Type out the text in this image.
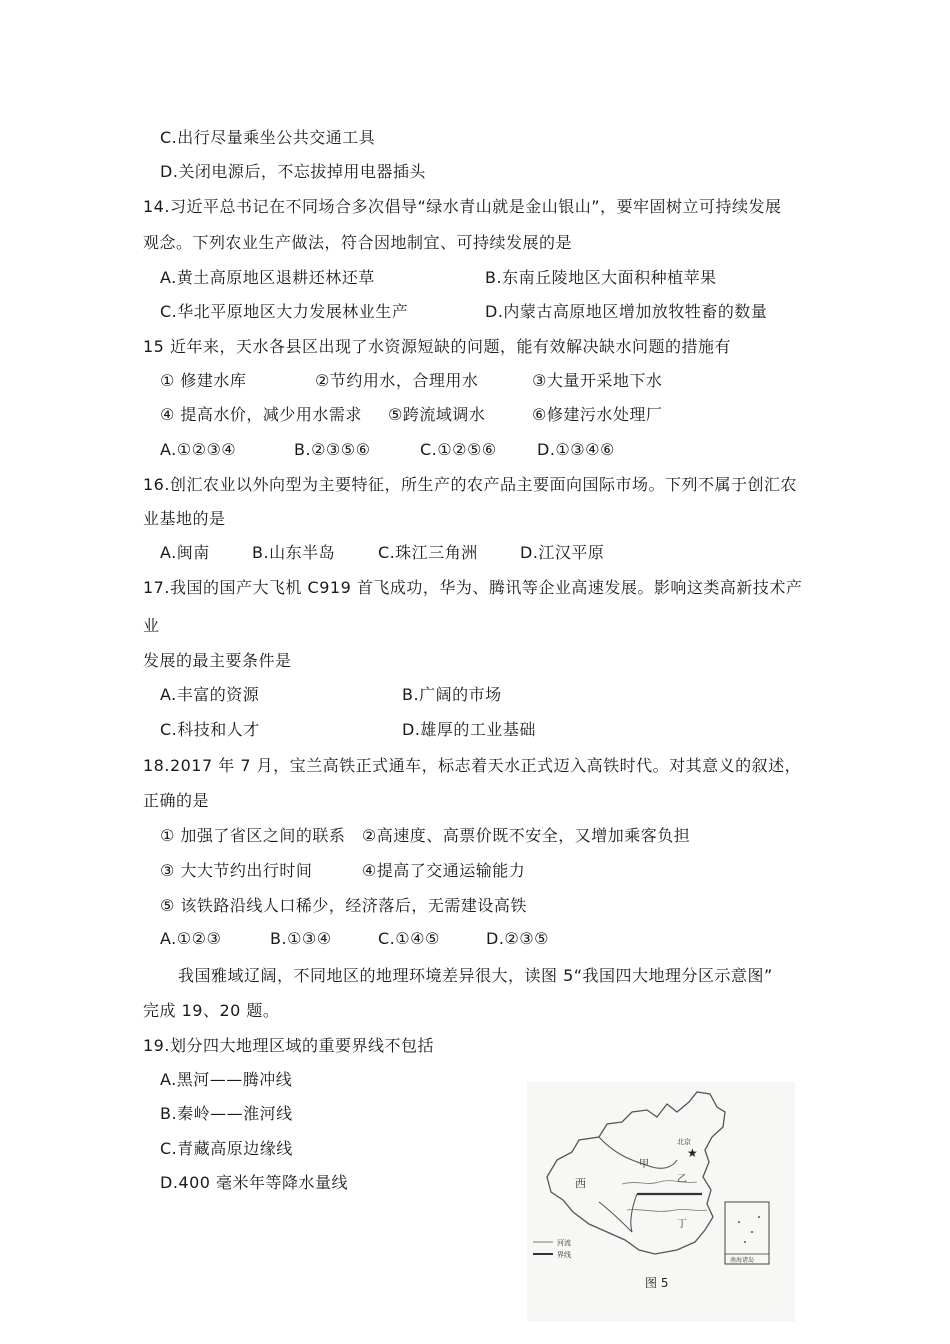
C.出行尽量乘坐公共交通工具
D.关闭电源后，不忘拔掉用电器插头
14.习近平总书记在不同场合多次倡导“绿水青山就是金山银山”，要牢固树立可持续发展
观念。下列农业生产做法，符合因地制宜、可持续发展的是
A.黄土高原地区退耕还林还草	B.东南丘陵地区大面积种植苹果
C.华北平原地区大力发展林业生产	D.内蒙古高原地区增加放牧牲畜的数量
15 近年来，天水各县区出现了水资源短缺的问题，能有效解决缺水问题的措施有
① 修建水库	②节约用水，合理用水	③大量开采地下水
④ 提高水价，减少用水需求 ⑤跨流域调水	⑥修建污水处理厂
A.①②③④	B.②③⑤⑥	C.①②⑤⑥	D.①③④⑥
16.创汇农业以外向型为主要特征，所生产的农产品主要面向国际市场。下列不属于创汇农
业基地的是
A.闽南	B.山东半岛	C.珠江三角洲	D.江汉平原
17.我国的国产大飞机 C919 首飞成功，华为、腾讯等企业高速发展。影响这类高新技术产
业
发展的最主要条件是
A.丰富的资源	B.广阔的市场
C.科技和人才	D.雄厚的工业基础
18.2017 年 7 月，宝兰高铁正式通车，标志着天水正式迈入高铁时代。对其意义的叙述，
正确的是
① 加强了省区之间的联系　②高速度、高票价既不安全，又增加乘客负担
③ 大大节约出行时间　　　④提高了交通运输能力
⑤ 该铁路沿线人口稀少，经济落后，无需建设高铁
A.①②③	B.①③④	C.①④⑤	D.②③⑤
我国雅域辽阔，不同地区的地理环境差异很大，读图 5“我国四大地理分区示意图”
完成 19、20 题。
19.划分四大地理区域的重要界线不包括
A.黑河——腾冲线
B.秦岭——淮河线
C.青藏高原边缘线
D.400 毫米年等降水量线
★
北京
西
甲
乙
丁
河流
界线
南海诸岛
图 5
